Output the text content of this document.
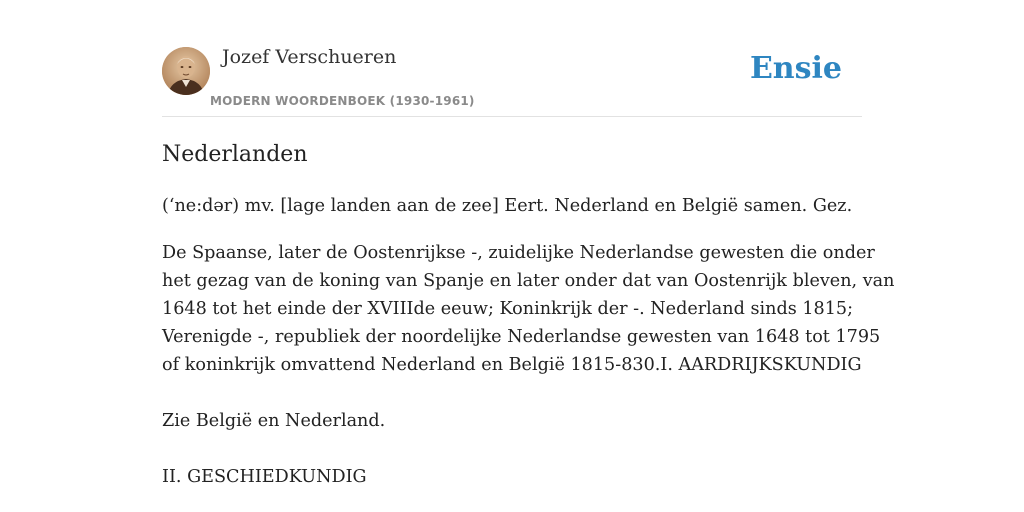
Jozef Verschueren
MODERN WOORDENBOEK (1930-1961)
Ensie
Nederlanden

(ʻne:dər) mv. [lage landen aan de zee] Eert. Nederland en België samen. Gez.

De Spaanse, later de Oostenrijkse -, zuidelijke Nederlandse gewesten die onder

het gezag van de koning van Spanje en later onder dat van Oostenrijk bleven, van

1648 tot het einde der XVIIIde eeuw; Koninkrijk der -. Nederland sinds 1815;

Verenigde -, republiek der noordelijke Nederlandse gewesten van 1648 tot 1795

of koninkrijk omvattend Nederland en België 1815-830.I. AARDRIJKSKUNDIG

Zie België en Nederland.

II. GESCHIEDKUNDIG
